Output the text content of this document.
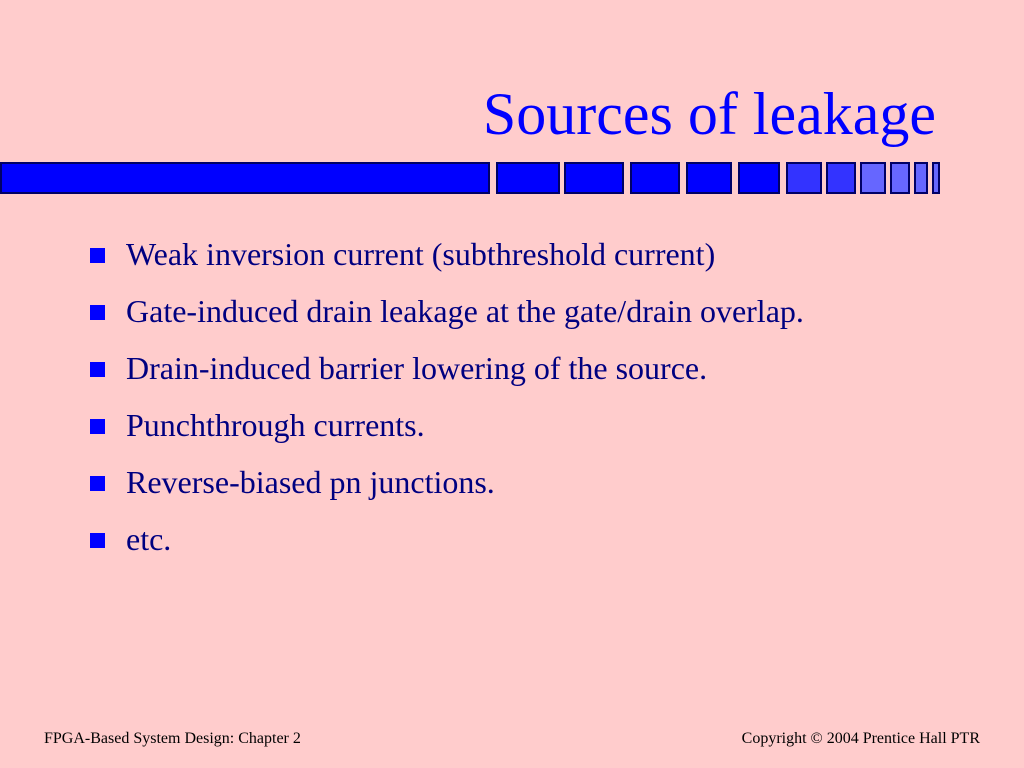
Sources of leakage
Weak inversion current (subthreshold current)
Gate-induced drain leakage at the gate/drain overlap.
Drain-induced barrier lowering of the source.
Punchthrough currents.
Reverse-biased pn junctions.
etc.
FPGA-Based System Design: Chapter 2	Copyright © 2004 Prentice Hall PTR
